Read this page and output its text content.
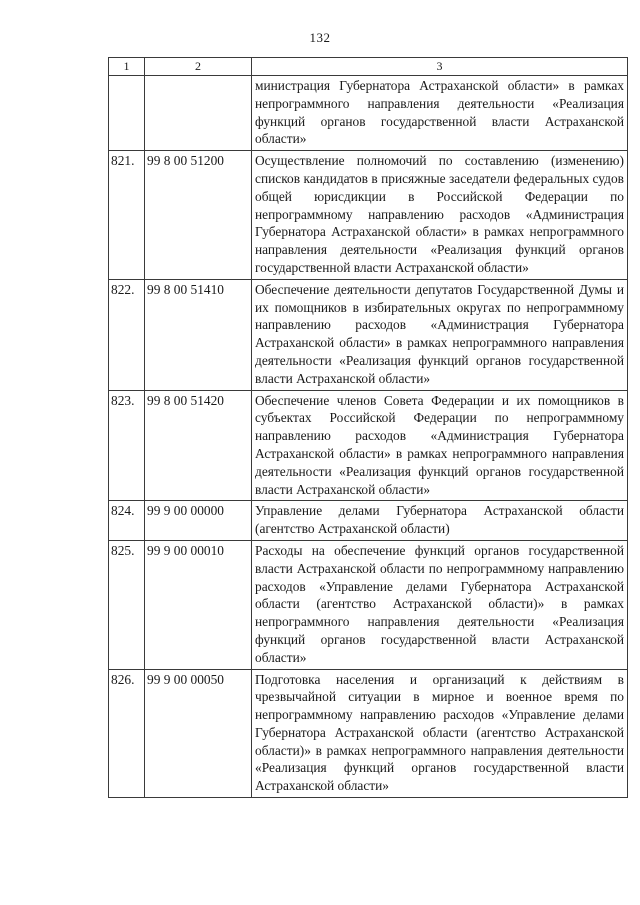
132
1	2	3
		министрация Губернатора Астраханской области» в рамках непрограммного направления деятельности «Реализация функций органов государственной власти Астраханской области»
821.	99 8 00 51200	Осуществление полномочий по составлению (изменению) списков кандидатов в присяжные заседатели федеральных судов общей юрисдикции в Российской Федерации по непрограммному направлению расходов «Администрация Губернатора Астраханской области» в рамках непрограммного направления деятельности «Реализация функций органов государственной власти Астраханской области»
822.	99 8 00 51410	Обеспечение деятельности депутатов Государственной Думы и их помощников в избирательных округах по непрограммному направлению расходов «Администрация Губернатора Астраханской области» в рамках непрограммного направления деятельности «Реализация функций органов государственной власти Астраханской области»
823.	99 8 00 51420	Обеспечение членов Совета Федерации и их помощников в субъектах Российской Федерации по непрограммному направлению расходов «Администрация Губернатора Астраханской области» в рамках непрограммного направления деятельности «Реализация функций органов государственной власти Астраханской области»
824.	99 9 00 00000	Управление делами Губернатора Астраханской области (агентство Астраханской области)
825.	99 9 00 00010	Расходы на обеспечение функций органов государственной власти Астраханской области по непрограммному направлению расходов «Управление делами Губернатора Астраханской области (агентство Астраханской области)» в рамках непрограммного направления деятельности «Реализация функций органов государственной власти Астраханской области»
826.	99 9 00 00050	Подготовка населения и организаций к действиям в чрезвычайной ситуации в мирное и военное время по непрограммному направлению расходов «Управление делами Губернатора Астраханской области (агентство Астраханской области)» в рамках непрограммного направления деятельности «Реализация функций органов государственной власти Астраханской области»
